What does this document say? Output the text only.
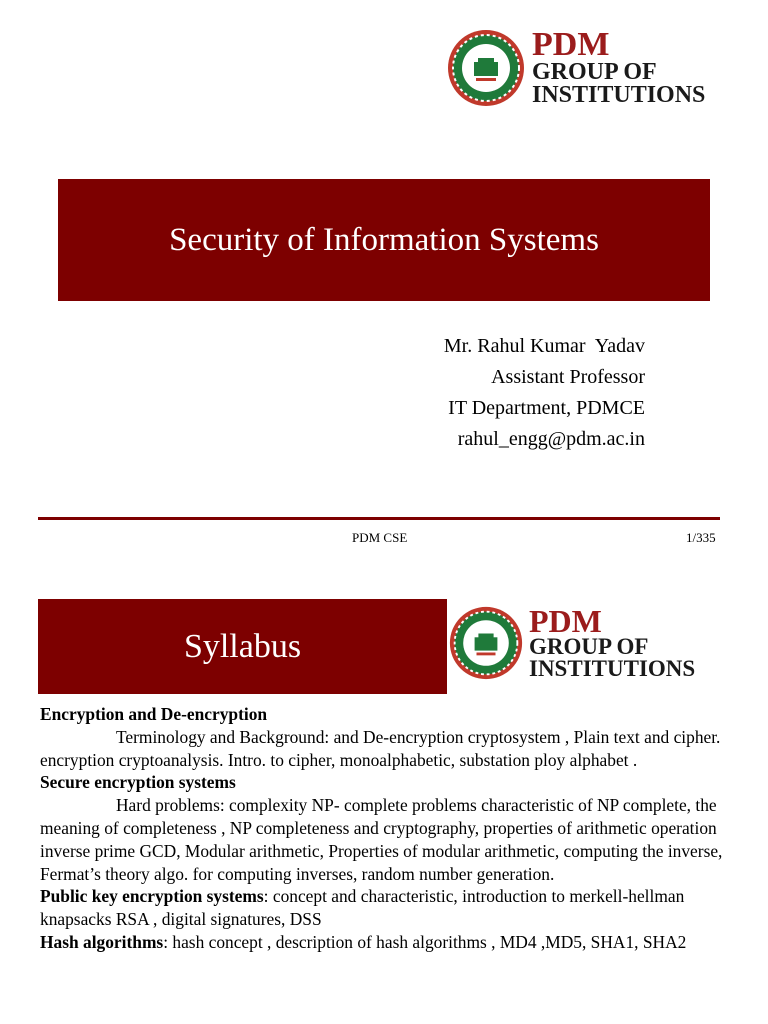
PDM
GROUP OF
INSTITUTIONS
Security of Information Systems
Mr. Rahul Kumar  Yadav
Assistant Professor
IT Department, PDMCE
rahul_engg@pdm.ac.in
PDM CSE	1/335
Syllabus
PDM
GROUP OF
INSTITUTIONS

Encryption and De-encryption

Terminology and Background: and De-encryption cryptosystem , Plain text and cipher. encryption cryptoanalysis. Intro. to cipher, monoalphabetic, substation ploy alphabet .

Secure encryption systems

Hard problems: complexity NP- complete problems characteristic of NP complete, the meaning of completeness , NP completeness and cryptography, properties of arithmetic operation inverse prime GCD, Modular arithmetic, Properties of modular arithmetic, computing the inverse, Fermat’s theory algo. for computing inverses, random number generation.

Public key encryption systems: concept and characteristic, introduction to merkell-hellman knapsacks RSA , digital signatures, DSS

Hash algorithms: hash concept , description of hash algorithms , MD4 ,MD5, SHA1, SHA2
